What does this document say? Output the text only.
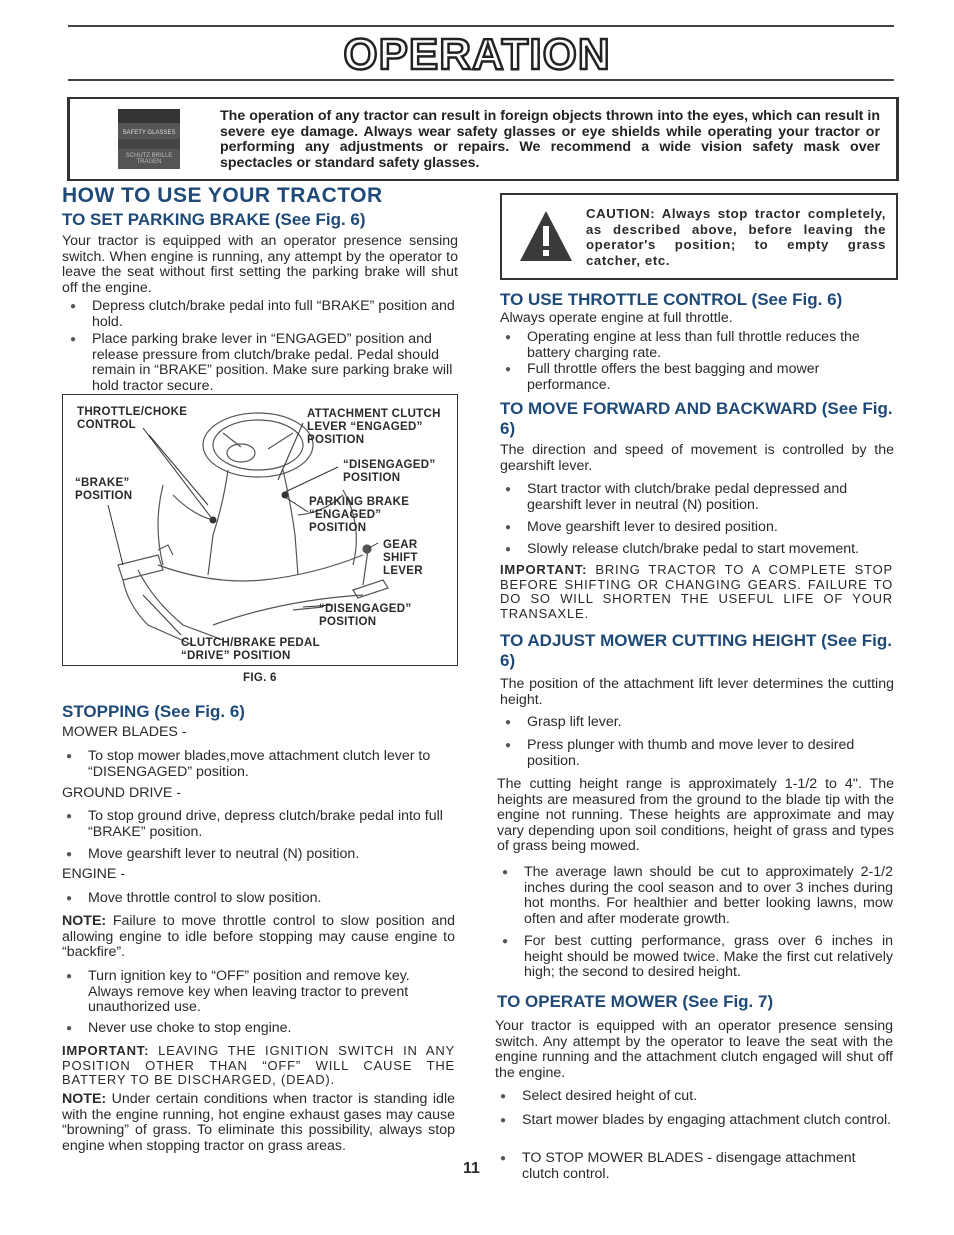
OPERATION
SAFETY GLASSES
SCHUTZ BRILLE TRAGEN
The operation of any tractor can result in foreign objects thrown into the eyes, which can result in severe eye damage. Always wear safety glasses or eye shields while operating your tractor or performing any adjustments or repairs. We recommend a wide vision safety mask over spectacles or standard safety glasses.
HOW TO USE YOUR TRACTOR
TO SET PARKING BRAKE (See Fig. 6)
Your tractor is equipped with an operator presence sensing switch. When engine is running, any attempt by the operator to leave the seat without first setting the parking brake will shut off the engine.
● Depress clutch/brake pedal into full “BRAKE” position and hold.
● Place parking brake lever in “ENGAGED” position and release pressure from clutch/brake pedal. Pedal should remain in “BRAKE” position. Make sure parking brake will hold tractor secure.
THROTTLE/CHOKE CONTROL
“BRAKE” POSITION
ATTACHMENT CLUTCH LEVER “ENGAGED” POSITION
“DISENGAGED” POSITION
PARKING BRAKE “ENGAGED” POSITION
GEAR SHIFT LEVER
“DISENGAGED” POSITION
CLUTCH/BRAKE PEDAL “DRIVE” POSITION
FIG. 6
STOPPING (See Fig. 6)
MOWER BLADES -
● To stop mower blades,move attachment clutch lever to “DISENGAGED” position.
GROUND DRIVE -
● To stop ground drive, depress clutch/brake pedal into full “BRAKE” position.
● Move gearshift lever to neutral (N) position.
ENGINE -
● Move throttle control to slow position.
NOTE: Failure to move throttle control to slow position and allowing engine to idle before stopping may cause engine to “backfire”.
● Turn ignition key to “OFF” position and remove key. Always remove key when leaving tractor to prevent unauthorized use.
● Never use choke to stop engine.
IMPORTANT: LEAVING THE IGNITION SWITCH IN ANY POSITION OTHER THAN “OFF” WILL CAUSE THE BATTERY TO BE DISCHARGED, (DEAD).
NOTE: Under certain conditions when tractor is standing idle with the engine running, hot engine exhaust gases may cause “browning” of grass. To eliminate this possibility, always stop engine when stopping tractor on grass areas.
11
CAUTION: Always stop tractor completely, as described above, before leaving the operator's position; to empty grass catcher, etc.
TO USE THROTTLE CONTROL (See Fig. 6)
Always operate engine at full throttle.
● Operating engine at less than full throttle reduces the battery charging rate.
● Full throttle offers the best bagging and mower performance.
TO MOVE FORWARD AND BACKWARD (See Fig. 6)
The direction and speed of movement is controlled by the gearshift lever.
● Start tractor with clutch/brake pedal depressed and gearshift lever in neutral (N) position.
● Move gearshift lever to desired position.
● Slowly release clutch/brake pedal to start movement.
IMPORTANT: BRING TRACTOR TO A COMPLETE STOP BEFORE SHIFTING OR CHANGING GEARS. FAILURE TO DO SO WILL SHORTEN THE USEFUL LIFE OF YOUR TRANSAXLE.
TO ADJUST MOWER CUTTING HEIGHT (See Fig. 6)
The position of the attachment lift lever determines the cutting height.
● Grasp lift lever.
● Press plunger with thumb and move lever to desired position.
The cutting height range is approximately 1-1/2 to 4". The heights are measured from the ground to the blade tip with the engine not running. These heights are approximate and may vary depending upon soil conditions, height of grass and types of grass being mowed.
● The average lawn should be cut to approximately 2-1/2 inches during the cool season and to over 3 inches during hot months. For healthier and better looking lawns, mow often and after moderate growth.
● For best cutting performance, grass over 6 inches in height should be mowed twice. Make the first cut relatively high; the second to desired height.
TO OPERATE MOWER (See Fig. 7)
Your tractor is equipped with an operator presence sensing switch. Any attempt by the operator to leave the seat with the engine running and the attachment clutch engaged will shut off the engine.
● Select desired height of cut.
● Start mower blades by engaging attachment clutch control.
● TO STOP MOWER BLADES - disengage attachment clutch control.
